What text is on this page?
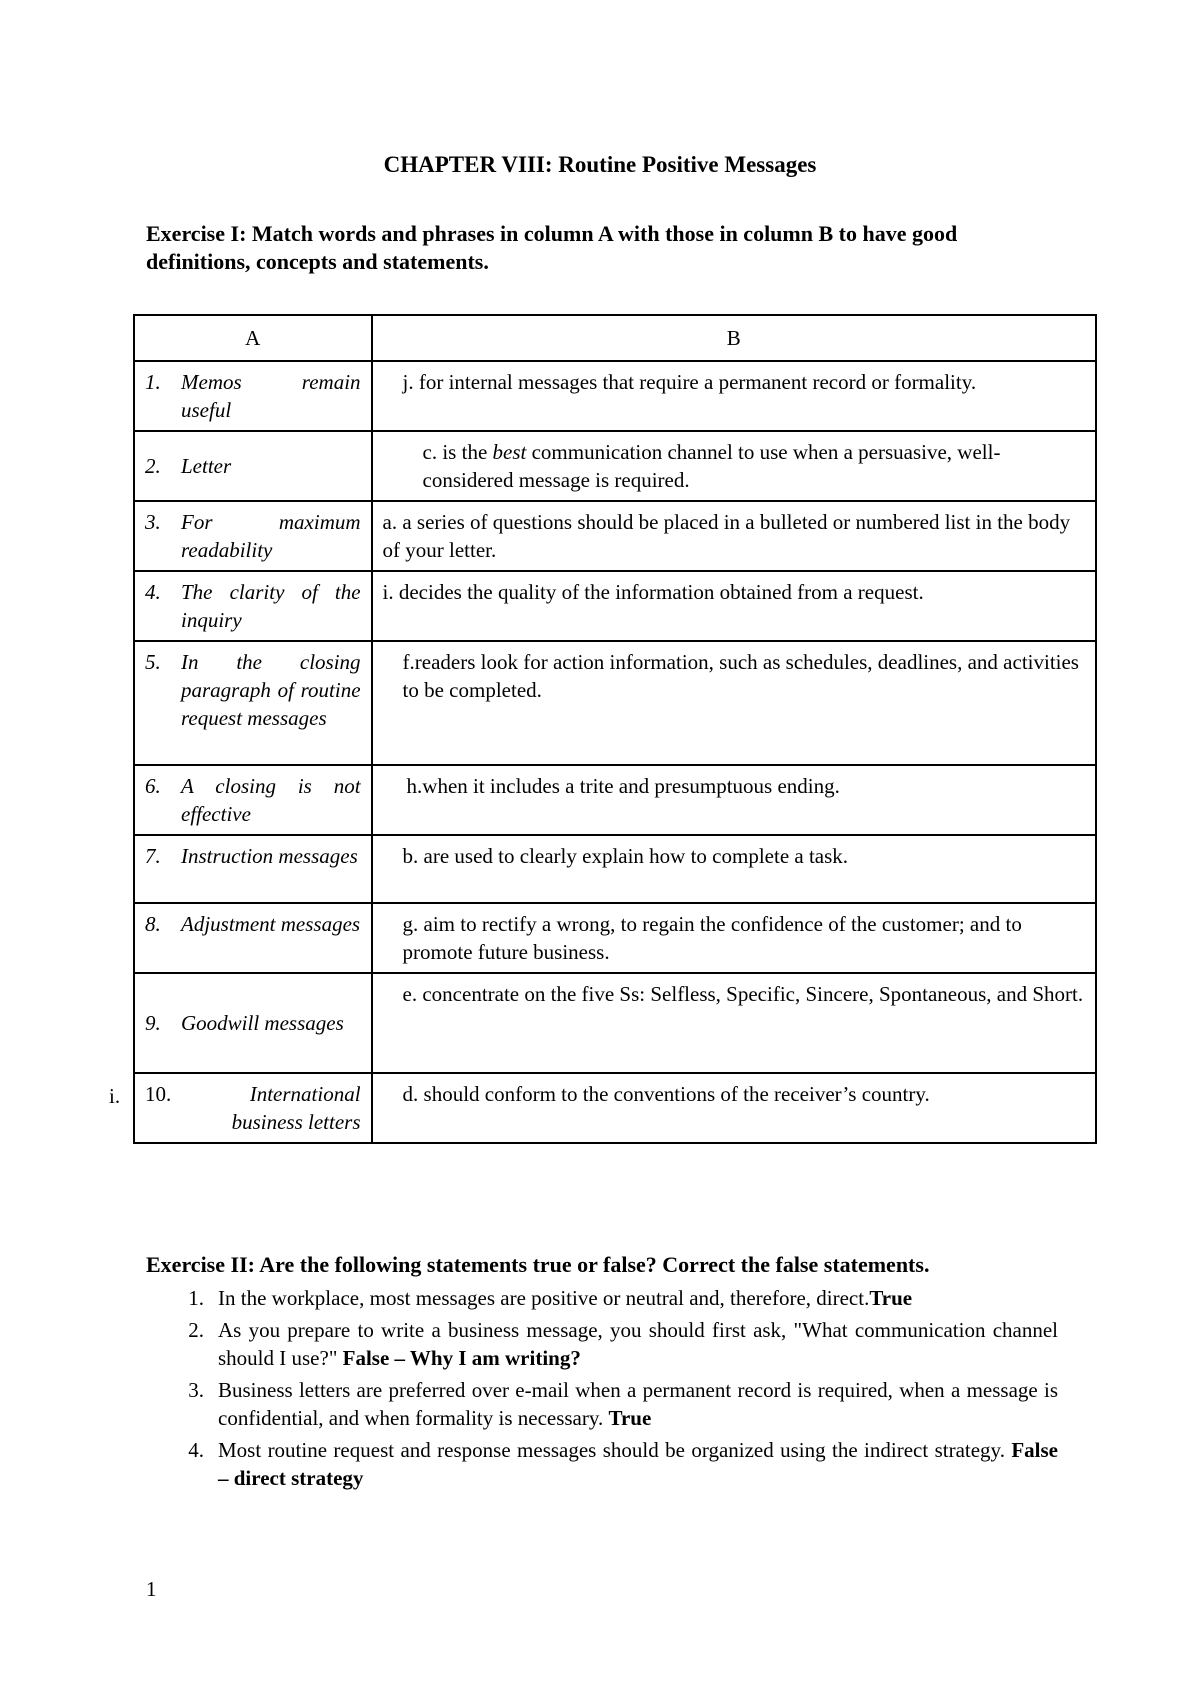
CHAPTER VIII: Routine Positive Messages
Exercise I: Match words and phrases in column A with those in column B to have good definitions, concepts and statements.
A	B

1. Memos remain useful	j. for internal messages that require a permanent record or formality.

2. Letter	c. is the best communication channel to use when a persuasive, well-considered message is required.

3. For maximum readability	a. a series of questions should be placed in a bulleted or numbered list in the body of your letter.

4. The clarity of the inquiry	i. decides the quality of the information obtained from a request.

5. In the closing paragraph of routine request messages	f.readers look for action information, such as schedules, deadlines, and activities to be completed.

6. A closing is not effective	h.when it includes a trite and presumptuous ending.

7. Instruction messages	b. are used to clearly explain how to complete a task.

8. Adjustment messages	g. aim to rectify a wrong, to regain the confidence of the customer; and to promote future business.

9. Goodwill messages	e. concentrate on the five Ss: Selfless, Specific, Sincere, Spontaneous, and Short.

10. International business letters	d. should conform to the conventions of the receiver’s country.
i.
Exercise II: Are the following statements true or false? Correct the false statements.
1. In the workplace, most messages are positive or neutral and, therefore, direct.True
2. As you prepare to write a business message, you should first ask, "What communication channel should I use?" False – Why I am writing?
3. Business letters are preferred over e-mail when a permanent record is required, when a message is confidential, and when formality is necessary. True
4. Most routine request and response messages should be organized using the indirect strategy. False – direct strategy
1
